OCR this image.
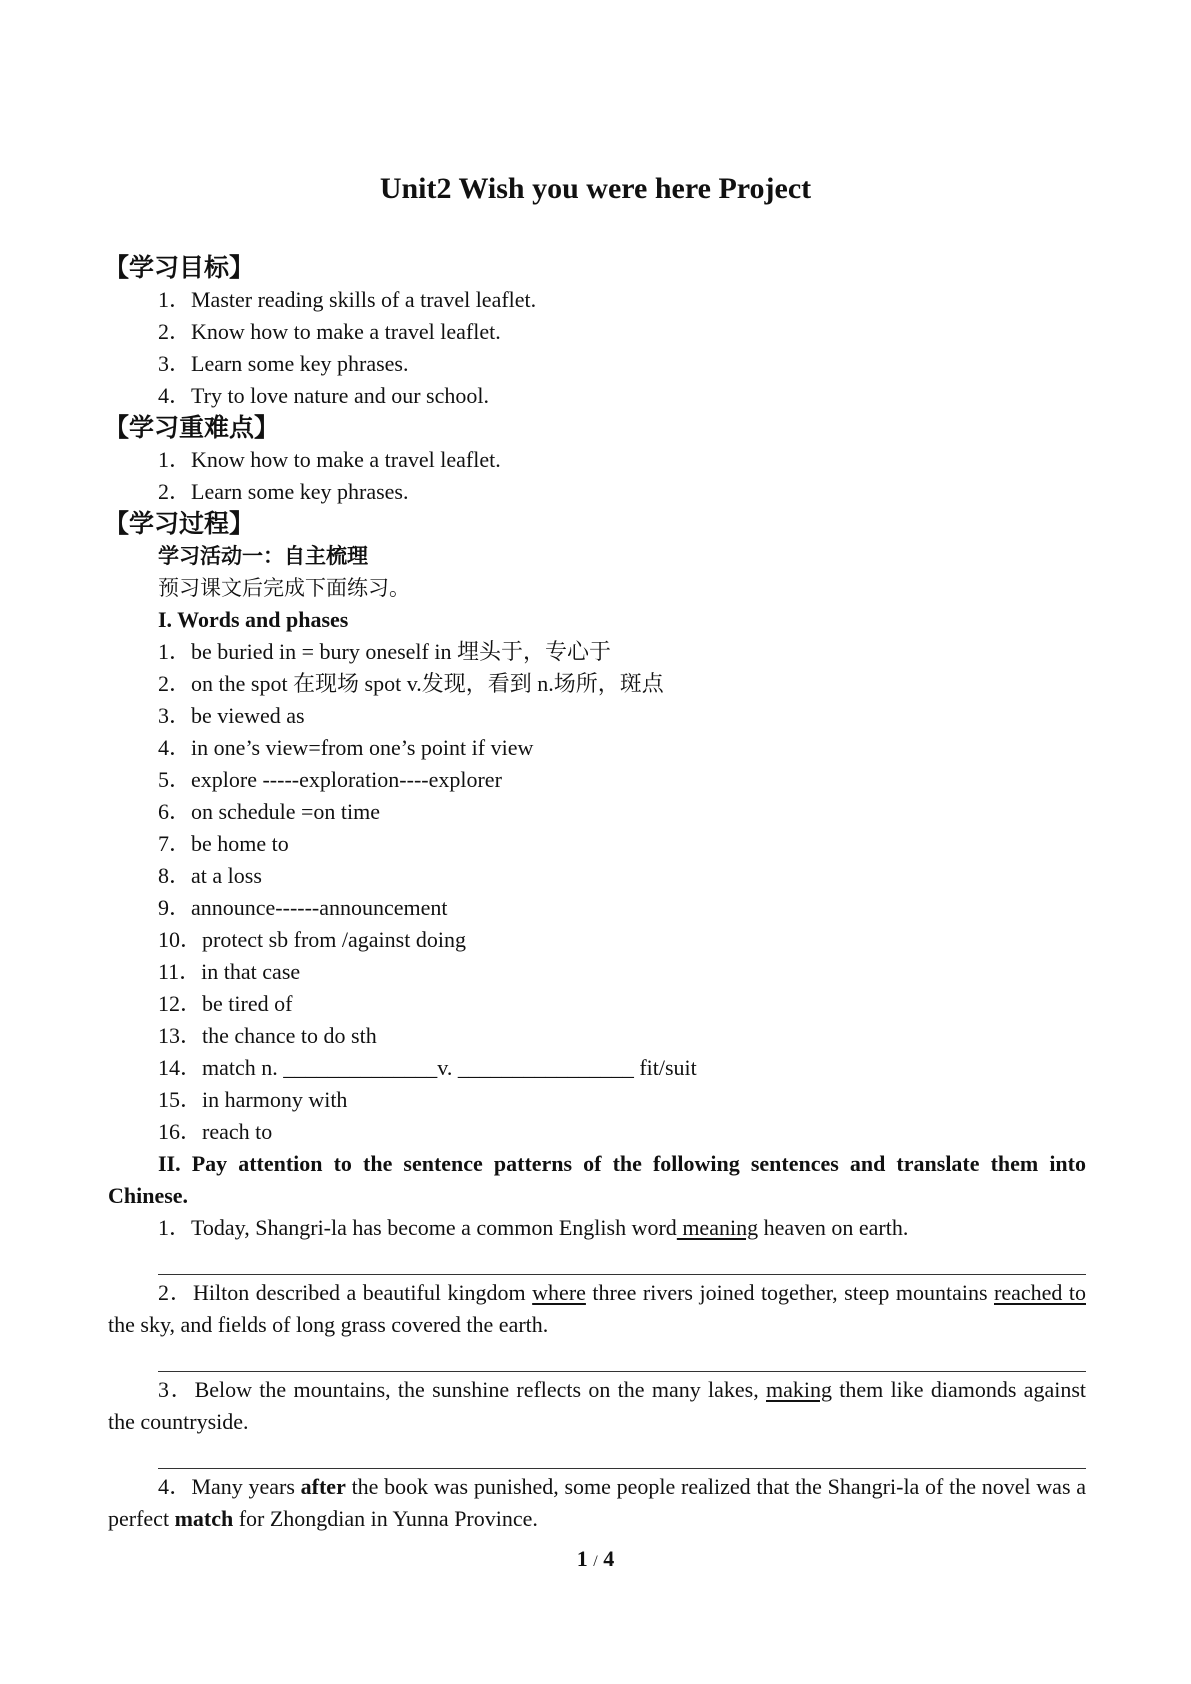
Unit2 Wish you were here Project
【学习目标】
1．Master reading skills of a travel leaflet.
2．Know how to make a travel leaflet.
3．Learn some key phrases.
4．Try to love nature and our school.
【学习重难点】
1．Know how to make a travel leaflet.
2．Learn some key phrases.
【学习过程】
学习活动一：自主梳理
预习课文后完成下面练习。
I. Words and phases
1．be buried in = bury oneself in 埋头于，专心于
2．on the spot 在现场 spot v.发现，看到 n.场所，斑点
3．be viewed as
4．in one’s view=from one’s point if view
5．explore -----exploration----explorer
6．on schedule =on time
7．be home to
8．at a loss
9．announce------announcement
10．protect sb from /against doing
11．in that case
12．be tired of
13．the chance to do sth
14．match n. ______________v. ________________ fit/suit
15．in harmony with
16．reach to
II. Pay attention to the sentence patterns of the following sentences and translate them into Chinese.
1．Today, Shangri-la has become a common English word meaning heaven on earth.
2．Hilton described a beautiful kingdom where three rivers joined together, steep mountains reached to the sky, and fields of long grass covered the earth.
3．Below the mountains, the sunshine reflects on the many lakes, making them like diamonds against the countryside.
4．Many years after the book was punished, some people realized that the Shangri-la of the novel was a perfect match for Zhongdian in Yunna Province.
1 / 4
